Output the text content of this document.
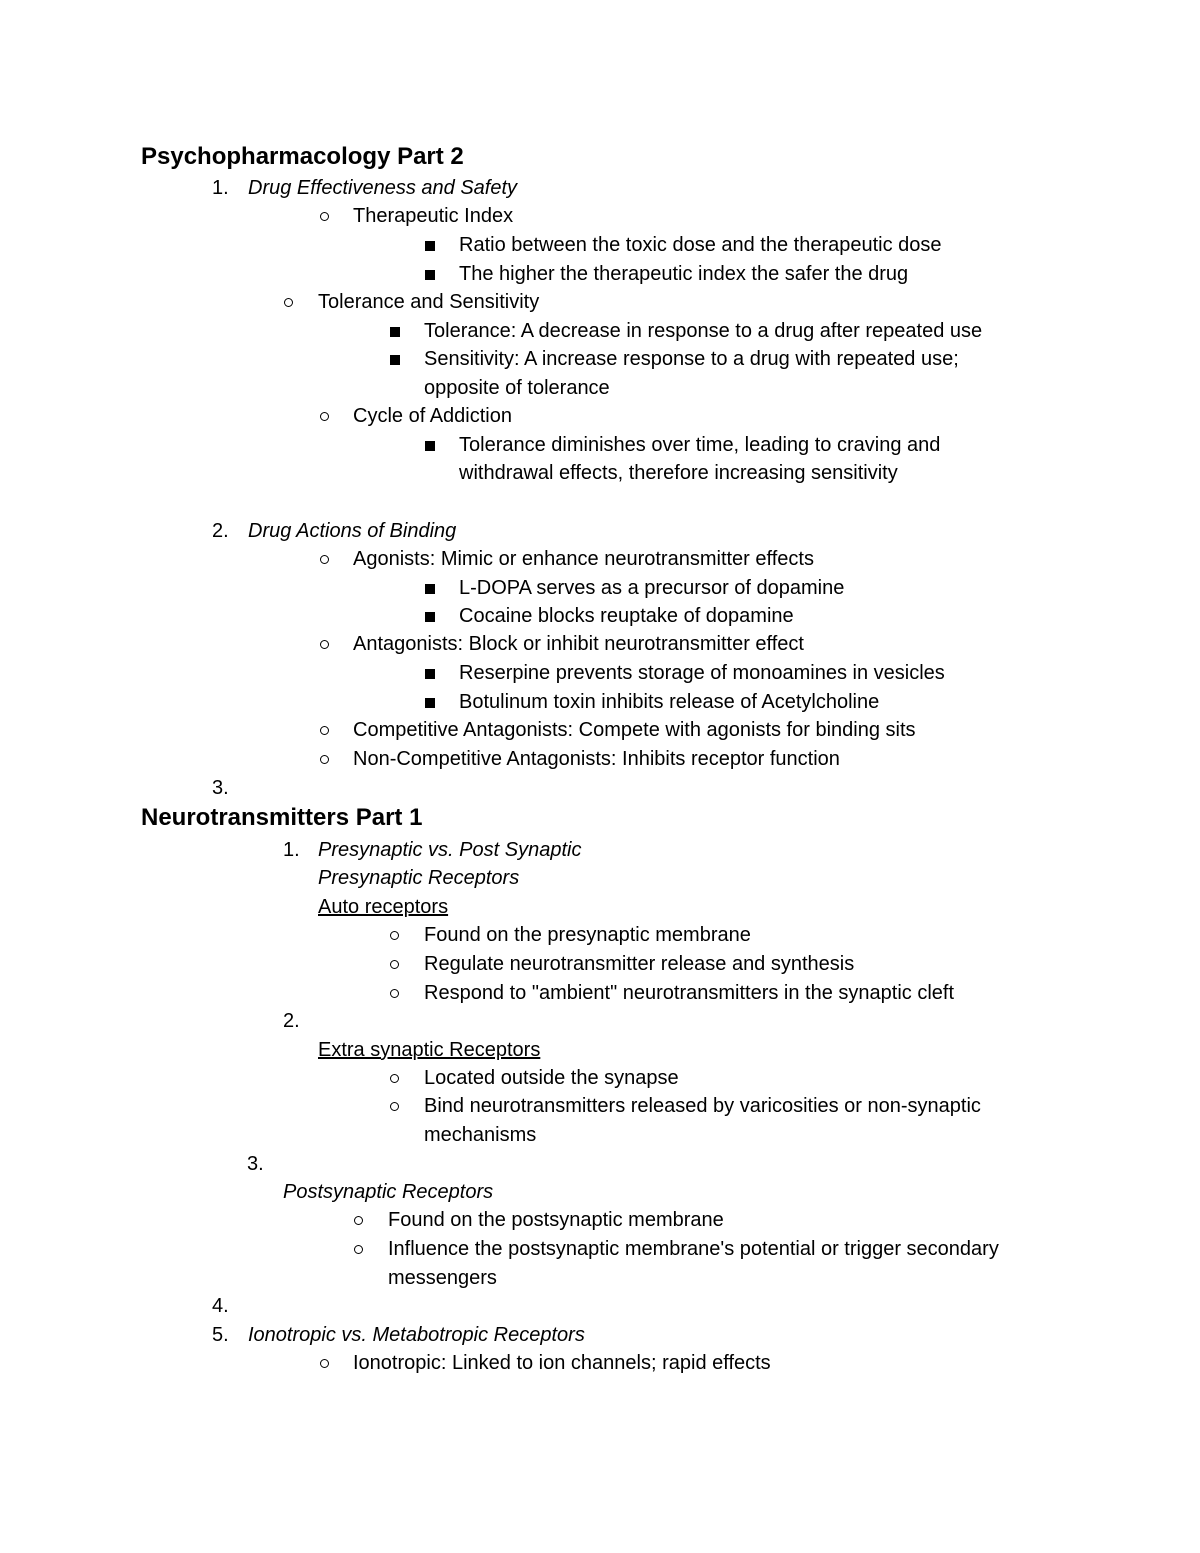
Psychopharmacology Part 2
1. Drug Effectiveness and Safety
Therapeutic Index
Ratio between the toxic dose and the therapeutic dose
The higher the therapeutic index the safer the drug
Tolerance and Sensitivity
Tolerance: A decrease in response to a drug after repeated use
Sensitivity: A increase response to a drug with repeated use;
opposite of tolerance
Cycle of Addiction
Tolerance diminishes over time, leading to craving and
withdrawal effects, therefore increasing sensitivity
2. Drug Actions of Binding
Agonists: Mimic or enhance neurotransmitter effects
L-DOPA serves as a precursor of dopamine
Cocaine blocks reuptake of dopamine
Antagonists: Block or inhibit neurotransmitter effect
Reserpine prevents storage of monoamines in vesicles
Botulinum toxin inhibits release of Acetylcholine
Competitive Antagonists: Compete with agonists for binding sits
Non-Competitive Antagonists: Inhibits receptor function
3.
Neurotransmitters Part 1
1. Presynaptic vs. Post Synaptic
Presynaptic Receptors
Auto receptors
Found on the presynaptic membrane
Regulate neurotransmitter release and synthesis
Respond to "ambient" neurotransmitters in the synaptic cleft
2.
Extra synaptic Receptors
Located outside the synapse
Bind neurotransmitters released by varicosities or non-synaptic
mechanisms
3.
Postsynaptic Receptors
Found on the postsynaptic membrane
Influence the postsynaptic membrane's potential or trigger secondary
messengers
4.
5. Ionotropic vs. Metabotropic Receptors
Ionotropic: Linked to ion channels; rapid effects
